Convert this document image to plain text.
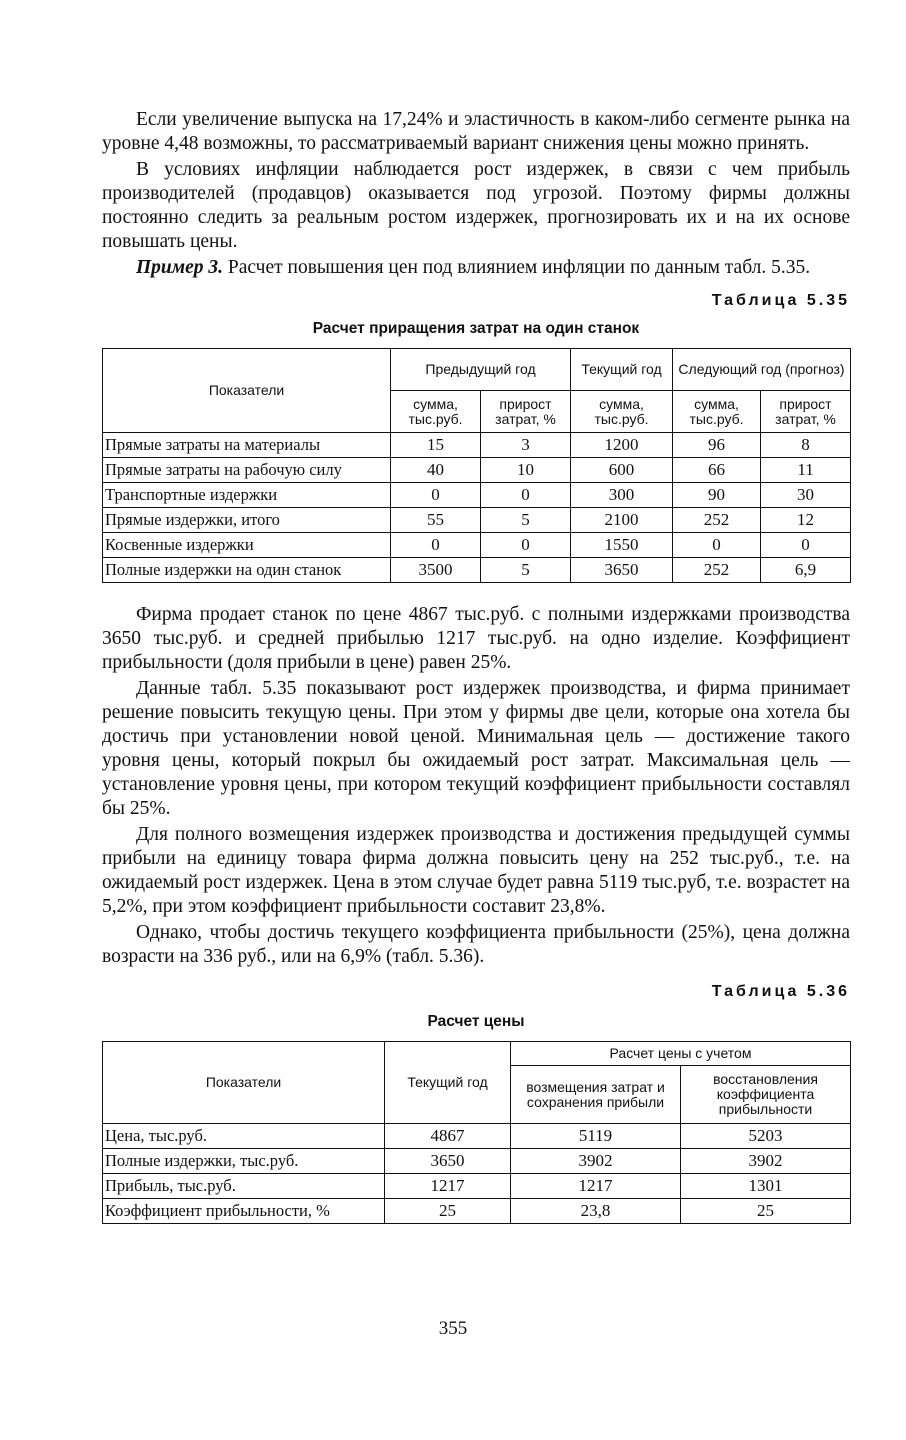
Если увеличение выпуска на 17,24% и эластичность в каком-либо сегменте рынка на уровне 4,48 возможны, то рассматриваемый вариант снижения цены можно принять.

В условиях инфляции наблюдается рост издержек, в связи с чем прибыль производителей (продавцов) оказывается под угрозой. Поэтому фирмы должны постоянно следить за реальным ростом издержек, прогнозировать их и на их основе повышать цены.

Пример 3. Расчет повышения цен под влиянием инфляции по данным табл. 5.35.

Таблица 5.35
Расчет приращения затрат на один станок
Показатели	Предыдущий год		Текущий год	Следующий год (прогноз)	
	сумма, тыс.руб.	прирост затрат, %	сумма, тыс.руб.	сумма, тыс.руб.	прирост затрат, %
Прямые затраты на материалы	15	3	1200	96	8
Прямые затраты на рабочую силу	40	10	600	66	11
Транспортные издержки	0	0	300	90	30
Прямые издержки, итого	55	5	2100	252	12
Косвенные издержки	0	0	1550	0	0
Полные издержки на один станок	3500	5	3650	252	6,9

Фирма продает станок по цене 4867 тыс.руб. с полными издержками производства 3650 тыс.руб. и средней прибылью 1217 тыс.руб. на одно изделие. Коэффициент прибыльности (доля прибыли в цене) равен 25%.

Данные табл. 5.35 показывают рост издержек производства, и фирма принимает решение повысить текущую цены. При этом у фирмы две цели, которые она хотела бы достичь при установлении новой ценой. Минимальная цель — достижение такого уровня цены, который покрыл бы ожидаемый рост затрат. Максимальная цель — установление уровня цены, при котором текущий коэффициент прибыльности составлял бы 25%.

Для полного возмещения издержек производства и достижения предыдущей суммы прибыли на единицу товара фирма должна повысить цену на 252 тыс.руб., т.е. на ожидаемый рост издержек. Цена в этом случае будет равна 5119 тыс.руб, т.е. возрастет на 5,2%, при этом коэффициент прибыльности составит 23,8%.

Однако, чтобы достичь текущего коэффициента прибыльности (25%), цена должна возрасти на 336 руб., или на 6,9% (табл. 5.36).

Таблица 5.36
Расчет цены
Показатели	Текущий год	Расчет цены с учетом	
		возмещения затрат и сохранения прибыли	восстановления коэффициента прибыльности
Цена, тыс.руб.	4867	5119	5203
Полные издержки, тыс.руб.	3650	3902	3902
Прибыль, тыс.руб.	1217	1217	1301
Коэффициент прибыльности, %	25	23,8	25
355
